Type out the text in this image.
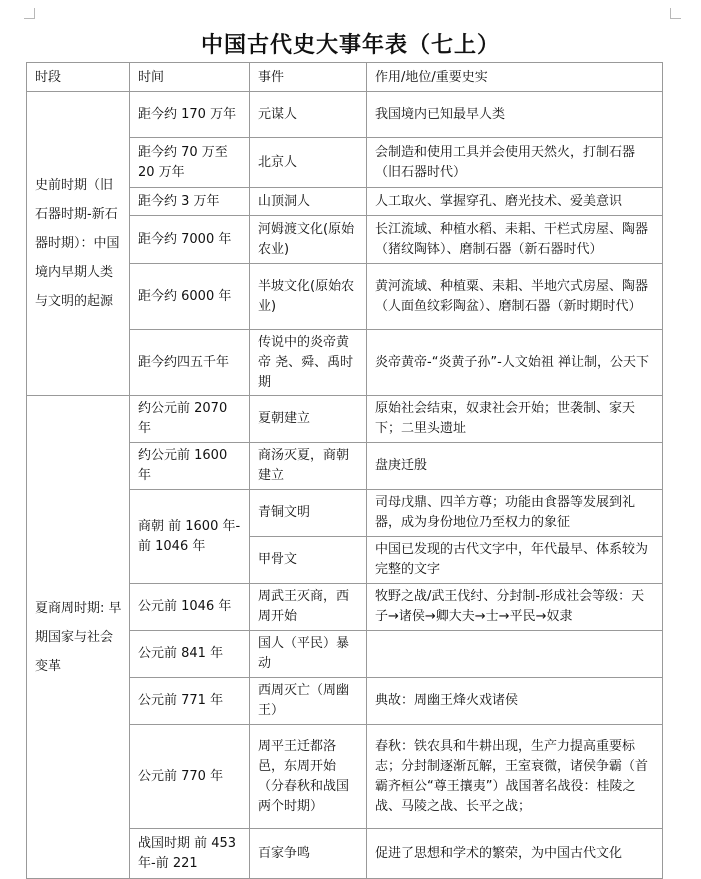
中国古代史大事年表（七上）
时段	时间	事件	作用/地位/重要史实
史前时期（旧石器时期-新石器时期）：中国境内早期人类与文明的起源	距今约 170 万年	元谋人	我国境内已知最早人类
	距今约 70 万至 20 万年	北京人	会制造和使用工具并会使用天然火，打制石器（旧石器时代）
	距今约 3 万年	山顶洞人	人工取火、掌握穿孔、磨光技术、爱美意识
	距今约 7000 年	河姆渡文化(原始农业)	长江流域、种植水稻、耒耜、干栏式房屋、陶器（猪纹陶钵）、磨制石器（新石器时代）
	距今约 6000 年	半坡文化(原始农业)	黄河流域、种植粟、耒耜、半地穴式房屋、陶器（人面鱼纹彩陶盆）、磨制石器（新时期时代）
	距今约四五千年	传说中的炎帝黄帝 尧、舜、禹时期	炎帝黄帝-“炎黄子孙”-人文始祖 禅让制，公天下
夏商周时期: 早期国家与社会变革	约公元前 2070 年	夏朝建立	原始社会结束，奴隶社会开始；世袭制、家天下；二里头遗址
	约公元前 1600 年	商汤灭夏，商朝建立	盘庚迁殷
	商朝 前 1600 年-前 1046 年	青铜文明	司母戊鼎、四羊方尊；功能由食器等发展到礼器，成为身份地位乃至权力的象征
		甲骨文	中国已发现的古代文字中，年代最早、体系较为完整的文字
	公元前 1046 年	周武王灭商，西周开始	牧野之战/武王伐纣、分封制-形成社会等级：天子→诸侯→卿大夫→士→平民→奴隶
	公元前 841 年	国人（平民）暴动	
	公元前 771 年	西周灭亡（周幽王）	典故：周幽王烽火戏诸侯
	公元前 770 年	周平王迁都洛邑，东周开始（分春秋和战国两个时期）	春秋：铁农具和牛耕出现，生产力提高重要标志；分封制逐渐瓦解，王室衰微，诸侯争霸（首霸齐桓公“尊王攘夷”）战国著名战役：桂陵之战、马陵之战、长平之战；
	战国时期 前 453 年-前 221	百家争鸣	促进了思想和学术的繁荣，为中国古代文化
